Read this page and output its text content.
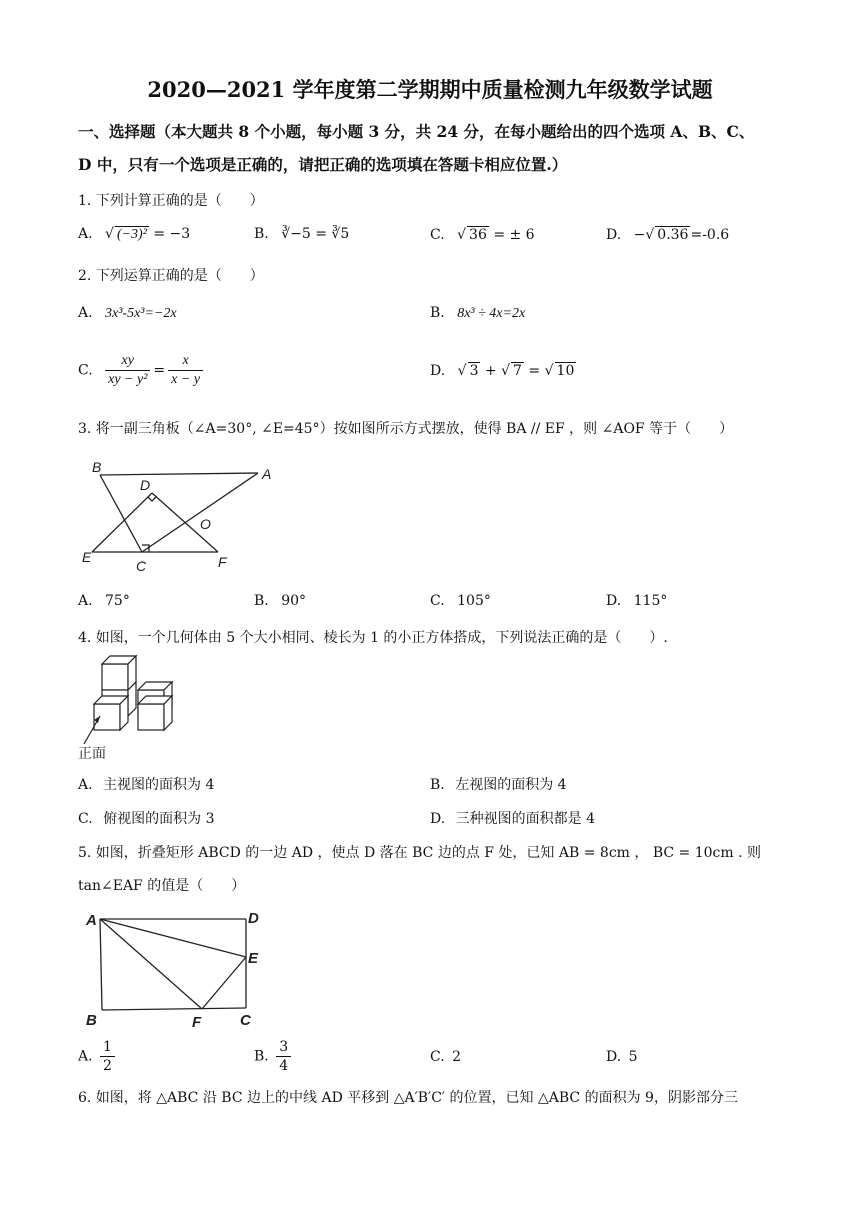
2020—2021 学年度第二学期期中质量检测九年级数学试题
一、选择题（本大题共 8 个小题，每小题 3 分，共 24 分，在每小题给出的四个选项 A、B、C、
D 中，只有一个选项是正确的，请把正确的选项填在答题卡相应位置.）
1. 下列计算正确的是（　　）
A. √ (−3)² = −3	B. ∛−5 = ∛5	C. √ 36 = ± 6	D. −√ 0.36 =-0.6
2. 下列运算正确的是（　　）
A. 3x³-5x³=−2x	B. 8x³ ÷ 4x=2x
C. $\frac{xy}{\text{xy − y²}} = \frac{x}{x - y}$	D. √ 3 + √ 7 = √ 10
3. 将一副三角板（∠A=30°, ∠E=45°）按如图所示方式摆放，使得 BA // EF ，则 ∠AOF 等于（　　）
B	A
D
O
E
C	F
A. 75°	B. 90°	C. 105°	D. 115°
4. 如图，一个几何体由 5 个大小相同、棱长为 1 的小正方体搭成，下列说法正确的是（　　）.
正面
A. 主视图的面积为 4	B. 左视图的面积为 4
C. 俯视图的面积为 3	D. 三种视图的面积都是 4
5. 如图，折叠矩形 ABCD 的一边 AD ，使点 D 落在 BC 边的点 F 处，已知 AB = 8cm ， BC = 10cm . 则
tan∠EAF 的值是（　　）
A	D
E
B	F	C
A. $\frac{1}{2}$	B. $\frac{3}{4}$	C. 2	D. 5
6. 如图，将 △ABC 沿 BC 边上的中线 AD 平移到 △A′B′C′ 的位置，已知 △ABC 的面积为 9，阴影部分三
